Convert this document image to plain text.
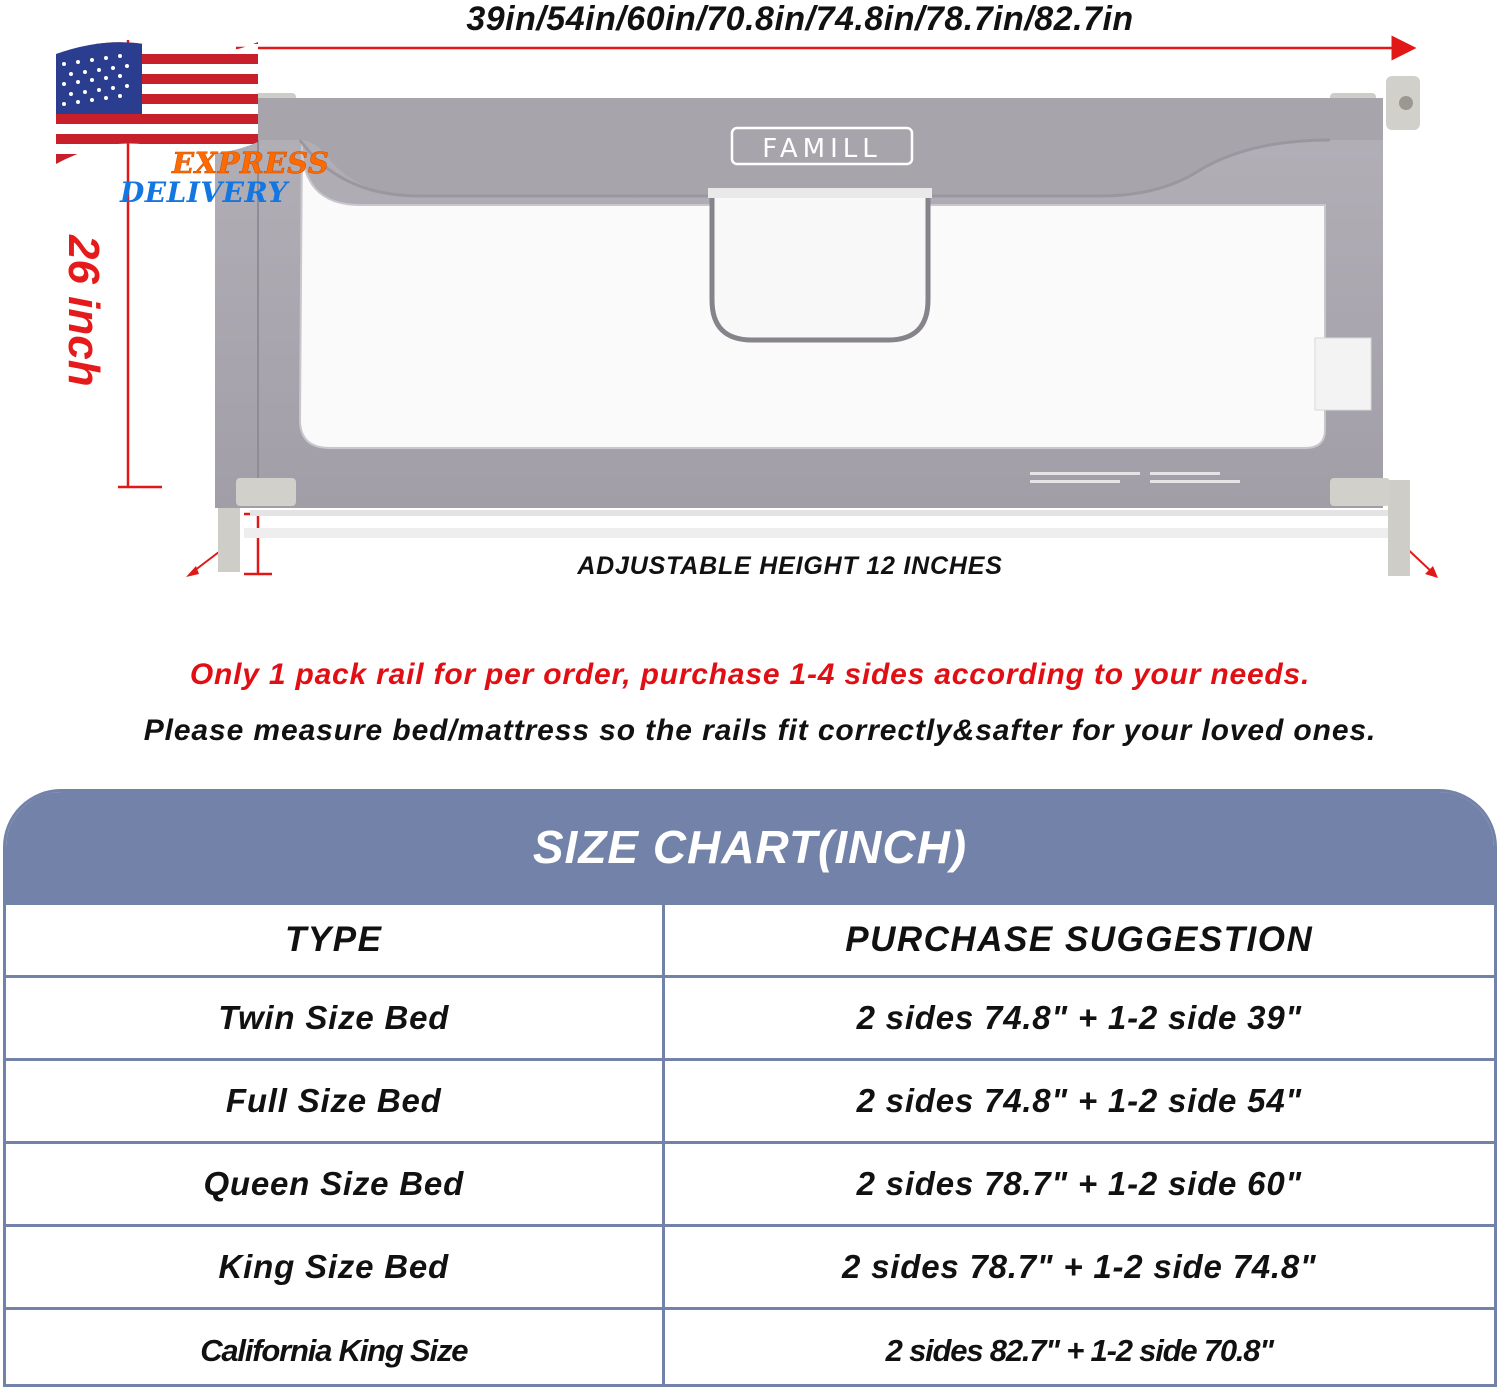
FAMILL
39in/54in/60in/70.8in/74.8in/78.7in/82.7in
EXPRESS
DELIVERY
26 inch
ADJUSTABLE HEIGHT 12 INCHES
Only 1 pack rail for per order, purchase 1-4 sides according to your needs.
Please measure bed/mattress so the rails fit correctly&safter for your loved ones.
SIZE CHART(INCH)
TYPE	PURCHASE SUGGESTION
Twin Size Bed	2 sides 74.8" + 1-2 side 39"
Full Size Bed	2 sides 74.8" + 1-2 side 54"
Queen Size Bed	2 sides 78.7" + 1-2 side 60"
King Size Bed	2 sides 78.7" + 1-2 side 74.8"
California King Size	2 sides 82.7" + 1-2 side 70.8"
